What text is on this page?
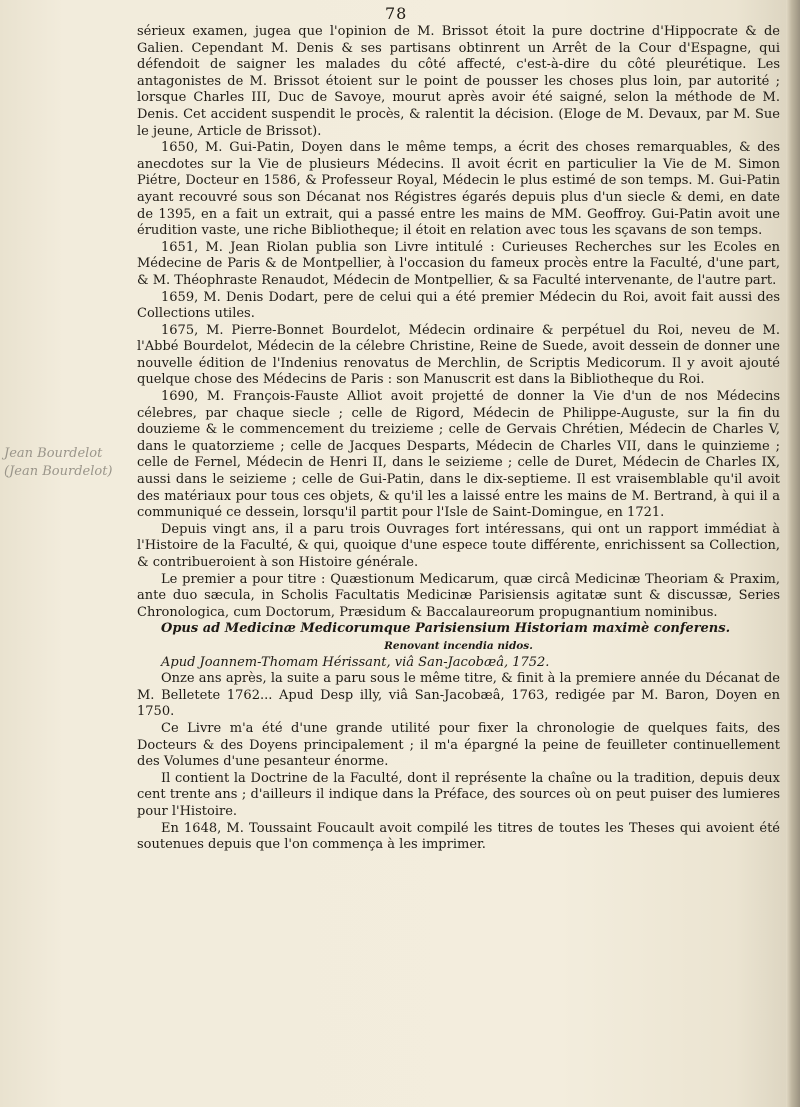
78
Jean Bourdelot
(Jean Bourdelot)

sérieux examen, jugea que l'opinion de M. Brissot étoit la pure doctrine d'Hippocrate & de Galien. Cependant M. Denis & ses partisans obtinrent un Arrêt de la Cour d'Espagne, qui défendoit de saigner les malades du côté affecté, c'est-à-dire du côté pleurétique. Les antagonistes de M. Brissot étoient sur le point de pousser les choses plus loin, par autorité ; lorsque Charles III, Duc de Savoye, mourut après avoir été saigné, selon la méthode de M. Denis. Cet accident suspendit le procès, & ralentit la décision. (Eloge de M. Devaux, par M. Sue le jeune, Article de Brissot).

1650, M. Gui-Patin, Doyen dans le même temps, a écrit des choses remarquables, & des anecdotes sur la Vie de plusieurs Médecins. Il avoit écrit en particulier la Vie de M. Simon Piétre, Docteur en 1586, & Professeur Royal, Médecin le plus estimé de son temps. M. Gui-Patin ayant recouvré sous son Décanat nos Régistres égarés depuis plus d'un siecle & demi, en date de 1395, en a fait un extrait, qui a passé entre les mains de MM. Geoffroy. Gui-Patin avoit une érudition vaste, une riche Bibliotheque; il étoit en relation avec tous les sçavans de son temps.

1651, M. Jean Riolan publia son Livre intitulé : Curieuses Recherches sur les Ecoles en Médecine de Paris & de Montpellier, à l'occasion du fameux procès entre la Faculté, d'une part, & M. Théophraste Renaudot, Médecin de Montpellier, & sa Faculté intervenante, de l'autre part.

1659, M. Denis Dodart, pere de celui qui a été premier Médecin du Roi, avoit fait aussi des Collections utiles.

1675, M. Pierre-Bonnet Bourdelot, Médecin ordinaire & perpétuel du Roi, neveu de M. l'Abbé Bourdelot, Médecin de la célebre Christine, Reine de Suede, avoit dessein de donner une nouvelle édition de l'Indenius renovatus de Merchlin, de Scriptis Medicorum. Il y avoit ajouté quelque chose des Médecins de Paris : son Manuscrit est dans la Bibliotheque du Roi.

1690, M. François-Fauste Alliot avoit projetté de donner la Vie d'un de nos Médecins célebres, par chaque siecle ; celle de Rigord, Médecin de Philippe-Auguste, sur la fin du douzieme & le commencement du treizieme ; celle de Gervais Chrétien, Médecin de Charles V, dans le quatorzieme ; celle de Jacques Desparts, Médecin de Charles VII, dans le quinzieme ; celle de Fernel, Médecin de Henri II, dans le seizieme ; celle de Duret, Médecin de Charles IX, aussi dans le seizieme ; celle de Gui-Patin, dans le dix-septieme. Il est vraisemblable qu'il avoit des matériaux pour tous ces objets, & qu'il les a laissé entre les mains de M. Bertrand, à qui il a communiqué ce dessein, lorsqu'il partit pour l'Isle de Saint-Domingue, en 1721.

Depuis vingt ans, il a paru trois Ouvrages fort intéressans, qui ont un rapport immédiat à l'Histoire de la Faculté, & qui, quoique d'une espece toute différente, enrichissent sa Collection, & contribueroient à son Histoire générale.

Le premier a pour titre : Quæstionum Medicarum, quæ circâ Medicinæ Theoriam & Praxim, ante duo sæcula, in Scholis Facultatis Medicinæ Parisiensis agitatæ sunt & discussæ, Series Chronologica, cum Doctorum, Præsidum & Baccalaureorum propugnantium nominibus.

Opus ad Medicinæ Medicorumque Parisiensium Historiam maximè conferens.

Renovant incendia nidos.

Apud Joannem-Thomam Hérissant, viâ San-Jacobæâ, 1752.

Onze ans après, la suite a paru sous le même titre, & finit à la premiere année du Décanat de M. Belletete 1762... Apud Desp illy, viâ San-Jacobæâ, 1763, redigée par M. Baron, Doyen en 1750.

Ce Livre m'a été d'une grande utilité pour fixer la chronologie de quelques faits, des Docteurs & des Doyens principalement ; il m'a épargné la peine de feuilleter continuellement des Volumes d'une pesanteur énorme.

Il contient la Doctrine de la Faculté, dont il représente la chaîne ou la tradition, depuis deux cent trente ans ; d'ailleurs il indique dans la Préface, des sources où on peut puiser des lumieres pour l'Histoire.

En 1648, M. Toussaint Foucault avoit compilé les titres de toutes les Theses qui avoient été soutenues depuis que l'on commença à les imprimer.
